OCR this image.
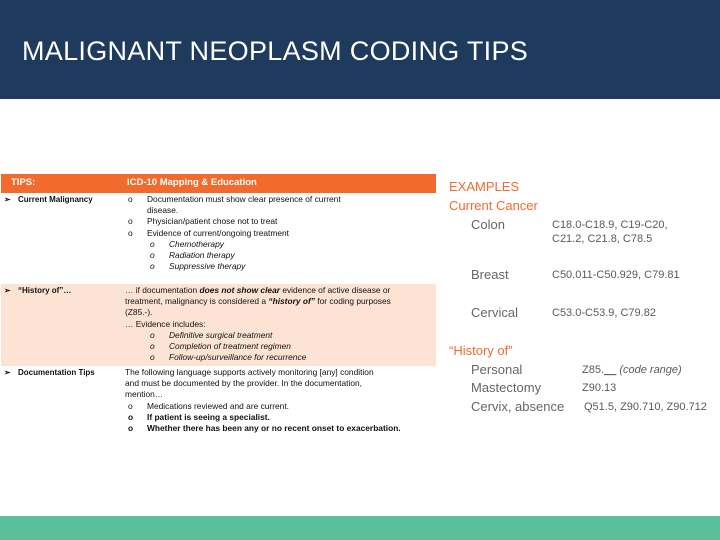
MALIGNANT NEOPLASM CODING TIPS
TIPS:	ICD-10 Mapping & Education
➢ Current Malignancy	o Documentation must show clear presence of current
disease.
o Physician/patient chose not to treat
o Evidence of current/ongoing treatment
o Chemotherapy
o Radiation therapy
o Suppressive therapy
➢ “History of”…	… if documentation does not show clear evidence of active disease or
treatment, malignancy is considered a “history of” for coding purposes
(Z85.-).
… Evidence includes:
o Definitive surgical treatment
o Completion of treatment regimen
o Follow-up/surveillance for recurrence
➢ Documentation Tips	The following language supports actively monitoring [any] condition
and must be documented by the provider. In the documentation,
mention…
o Medications reviewed and are current.
o If patient is seeing a specialist.
o Whether there has been any or no recent onset to exacerbation.
EXAMPLES
Current Cancer
Colon	C18.0-C18.9, C19-C20,
C21.2, C21.8, C78.5
Breast	C50.011-C50.929, C79.81
Cervical	C53.0-C53.9, C79.82
“History of”
Personal	Z85.__ (code range)
Mastectomy	Z90.13
Cervix, absence Q51.5, Z90.710, Z90.712
